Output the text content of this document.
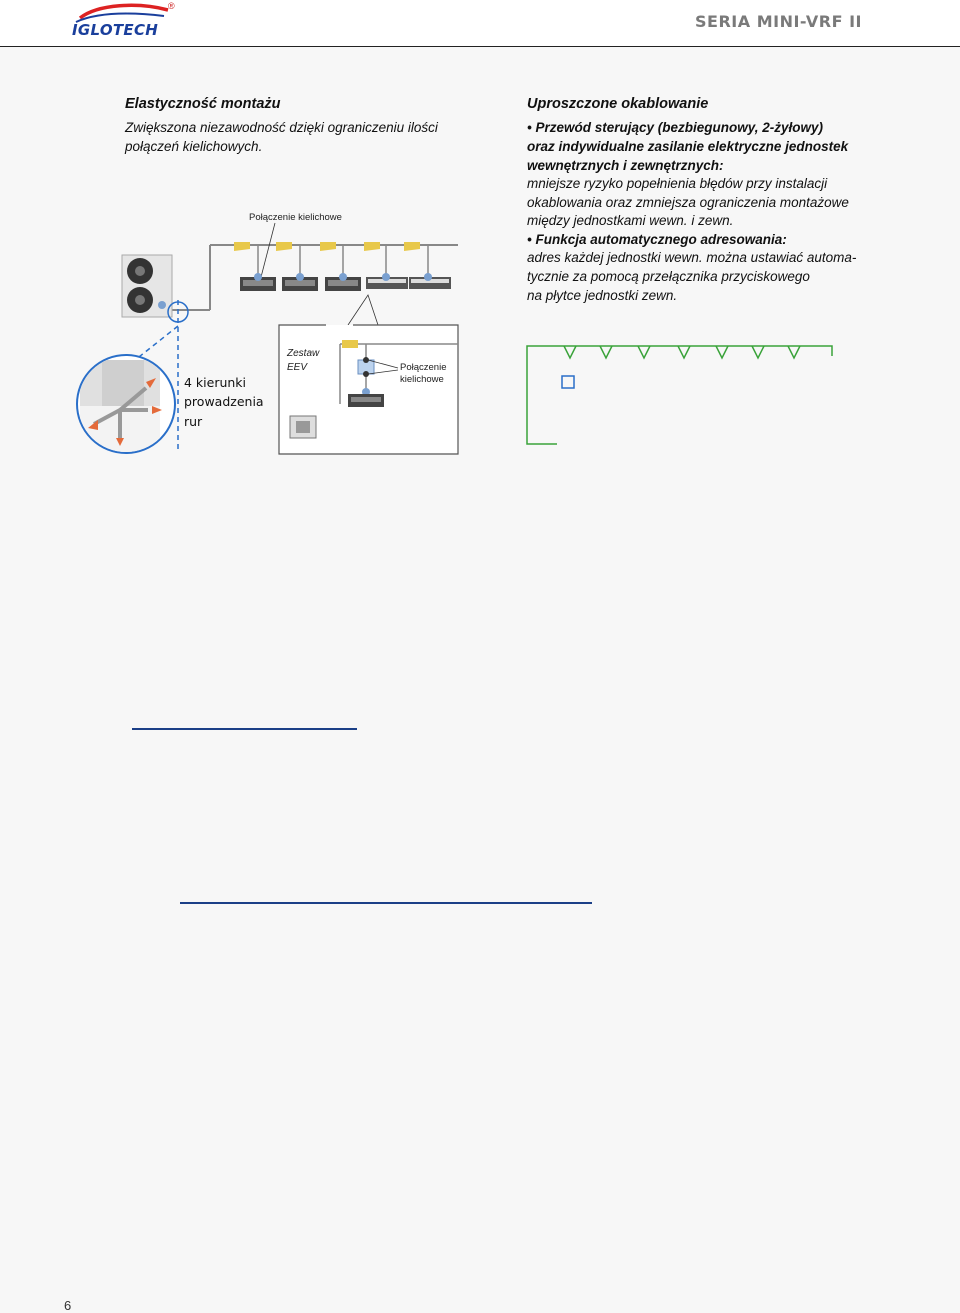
IGLOTECH
®
SERIA MINI-VRF II
Elastyczność montażu
Zwiększona niezawodność dzięki ograniczeniu ilości
połączeń kielichowych.
Uproszczone okablowanie
• Przewód sterujący (bezbiegunowy, 2-żyłowy)
oraz indywidualne zasilanie elektryczne jednostek
wewnętrznych i zewnętrznych:
mniejsze ryzyko popełnienia błędów przy instalacji
okablowania oraz zmniejsza ograniczenia montażowe
między jednostkami wewn. i zewn.
• Funkcja automatycznego adresowania:
adres każdej jednostki wewn. można ustawiać automa-
tycznie za pomocą przełącznika przyciskowego
na płytce jednostki zewn.
Połączenie kielichowe
4 kierunki
prowadzenia
rur
Zestaw
EEV	Połączenie
kielichowe
6
